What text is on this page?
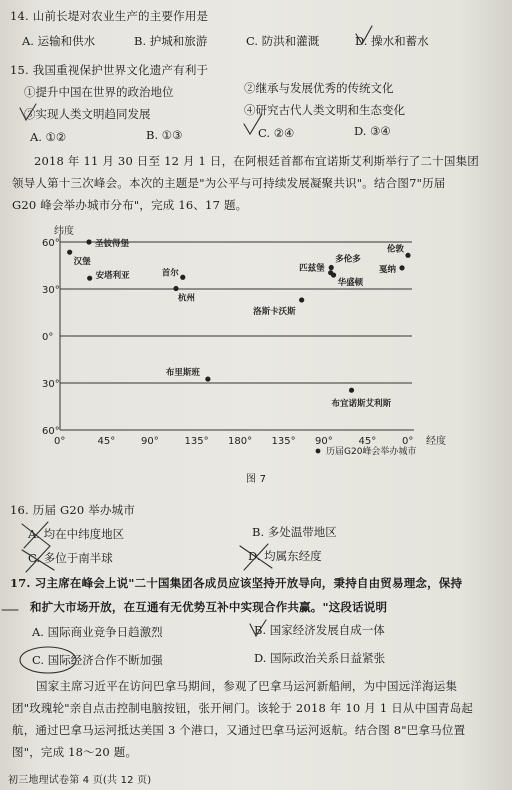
14. 山前长堤对农业生产的主要作用是
A. 运输和供水	B. 护城和旅游	C. 防洪和灌溉	D. 操水和蓄水
15. 我国重视保护世界文化遗产有利于
①提升中国在世界的政治地位	②继承与发展优秀的传统文化
③实现人类文明趋同发展	④研究古代人类文明和生态变化
A. ①②	B. ①③	C. ②④	D. ③④
2018 年 11 月 30 日至 12 月 1 日，在阿根廷首都布宜诺斯艾利斯举行了二十国集团
领导人第十三次峰会。本次的主题是"为公平与可持续发展凝聚共识"。结合图7"历届
G20 峰会举办城市分布"，完成 16、17 题。
纬度
60°
30°
0°
30°
60°
0°	45°	90°	135° 180° 135° 90°	45°	0° 经度
伦敦
汉堡
圣彼得堡
安塔利亚	首尔
杭州
布里斯班
洛斯卡沃斯
匹兹堡
多伦多
华盛顿
戛纳
布宜诺斯艾利斯
历届G20峰会举办城市
图 7
16. 历届 G20 举办城市
A. 均在中纬度地区	B. 多处温带地区
C. 多位于南半球	D. 均属东经度
17. 习主席在峰会上说"二十国集团各成员应该坚持开放导向，秉持自由贸易理念，保持
和扩大市场开放，在互通有无优势互补中实现合作共赢。"这段话说明
A. 国际商业竞争日趋激烈	B. 国家经济发展自成一体
C. 国际经济合作不断加强	D. 国际政治关系日益紧张
国家主席习近平在访问巴拿马期间，参观了巴拿马运河新船闸，为中国远洋海运集
团"玫瑰轮"亲自点击控制电脑按钮，张开闸门。该轮于 2018 年 10 月 1 日从中国青岛起
航，通过巴拿马运河抵达美国 3 个港口，又通过巴拿马运河返航。结合图 8"巴拿马位置
图"，完成 18～20 题。
初三地理试卷第 4 页(共 12 页)
